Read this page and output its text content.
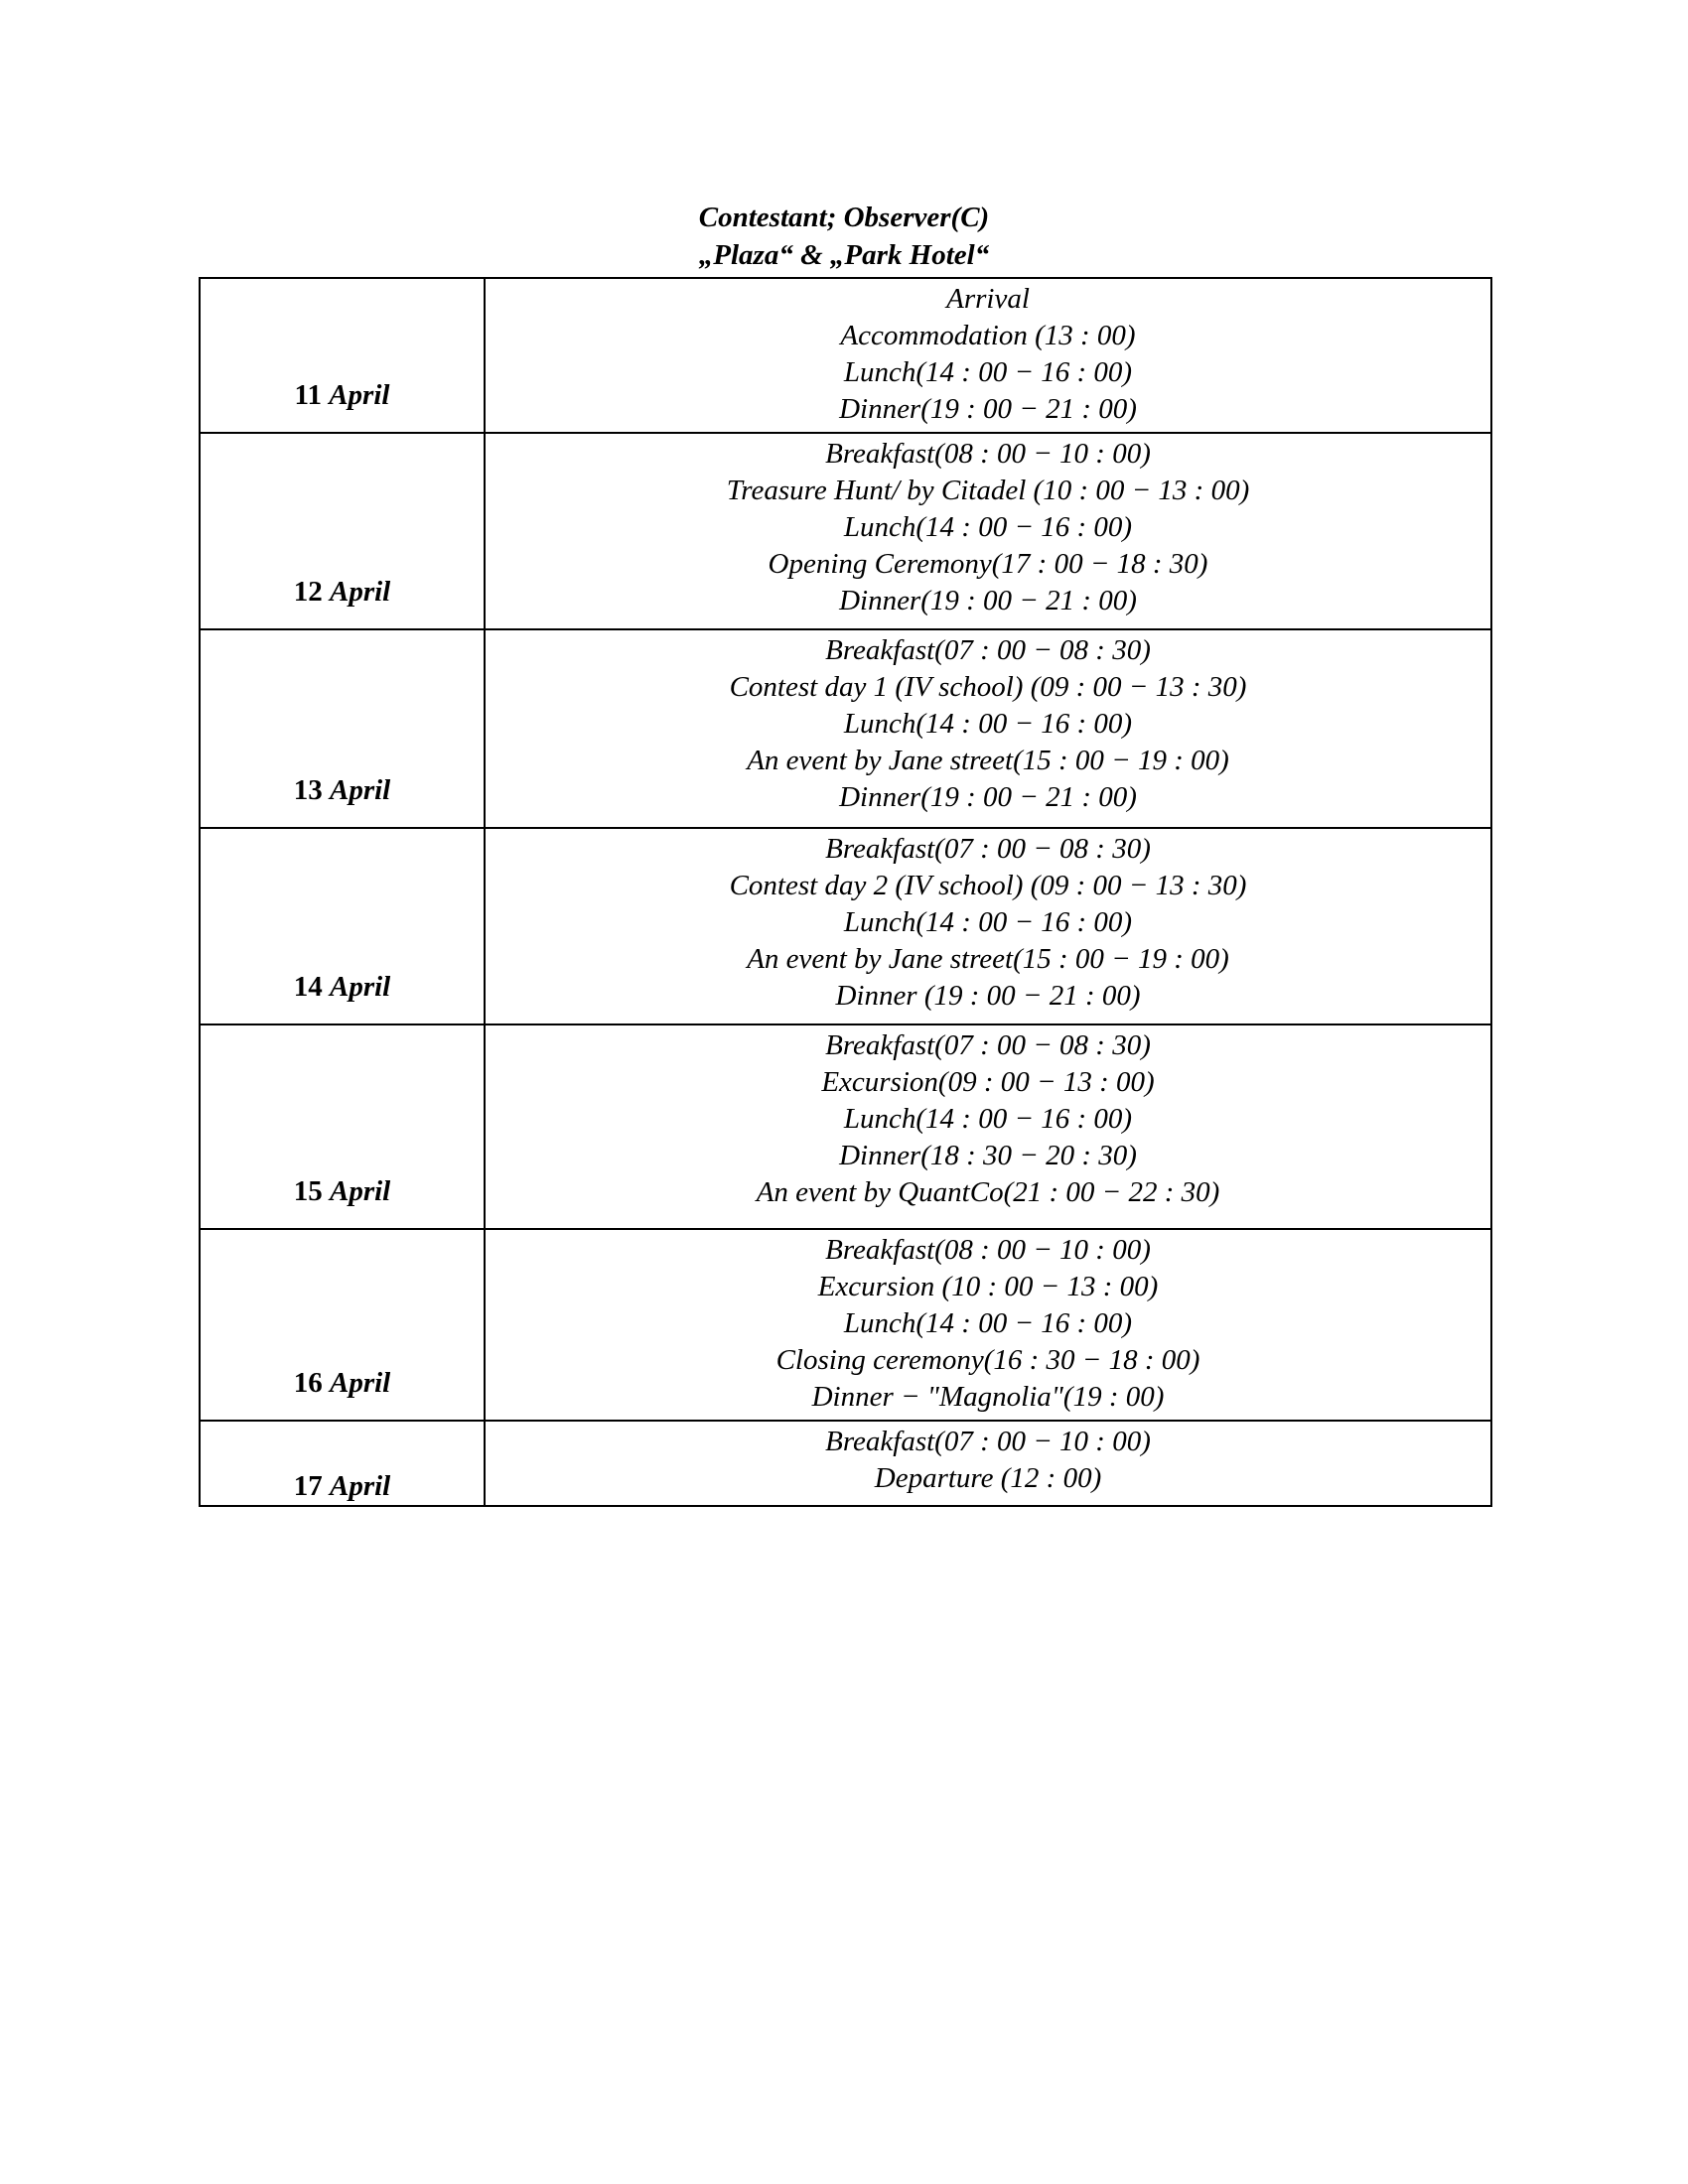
Contestant; Observer(C)
„Plaza“ & „Park Hotel“
11 April	Arrival
Accommodation (13 : 00)
Lunch(14 : 00 − 16 : 00)
Dinner(19 : 00 − 21 : 00)

12 April	Breakfast(08 : 00 − 10 : 00)
Treasure Hunt/ by Citadel (10 : 00 − 13 : 00)
Lunch(14 : 00 − 16 : 00)
Opening Ceremony(17 : 00 − 18 : 30)
Dinner(19 : 00 − 21 : 00)

13 April	Breakfast(07 : 00 − 08 : 30)
Contest day 1 (IV school) (09 : 00 − 13 : 30)
Lunch(14 : 00 − 16 : 00)
An event by Jane street(15 : 00 − 19 : 00)
Dinner(19 : 00 − 21 : 00)

14 April	Breakfast(07 : 00 − 08 : 30)
Contest day 2 (IV school) (09 : 00 − 13 : 30)
Lunch(14 : 00 − 16 : 00)
An event by Jane street(15 : 00 − 19 : 00)
Dinner (19 : 00 − 21 : 00)

15 April	Breakfast(07 : 00 − 08 : 30)
Excursion(09 : 00 − 13 : 00)
Lunch(14 : 00 − 16 : 00)
Dinner(18 : 30 − 20 : 30)
An event by QuantCo(21 : 00 − 22 : 30)

16 April	Breakfast(08 : 00 − 10 : 00)
Excursion (10 : 00 − 13 : 00)
Lunch(14 : 00 − 16 : 00)
Closing ceremony(16 : 30 − 18 : 00)
Dinner − "Magnolia"(19 : 00)

17 April	Breakfast(07 : 00 − 10 : 00)
Departure (12 : 00)
